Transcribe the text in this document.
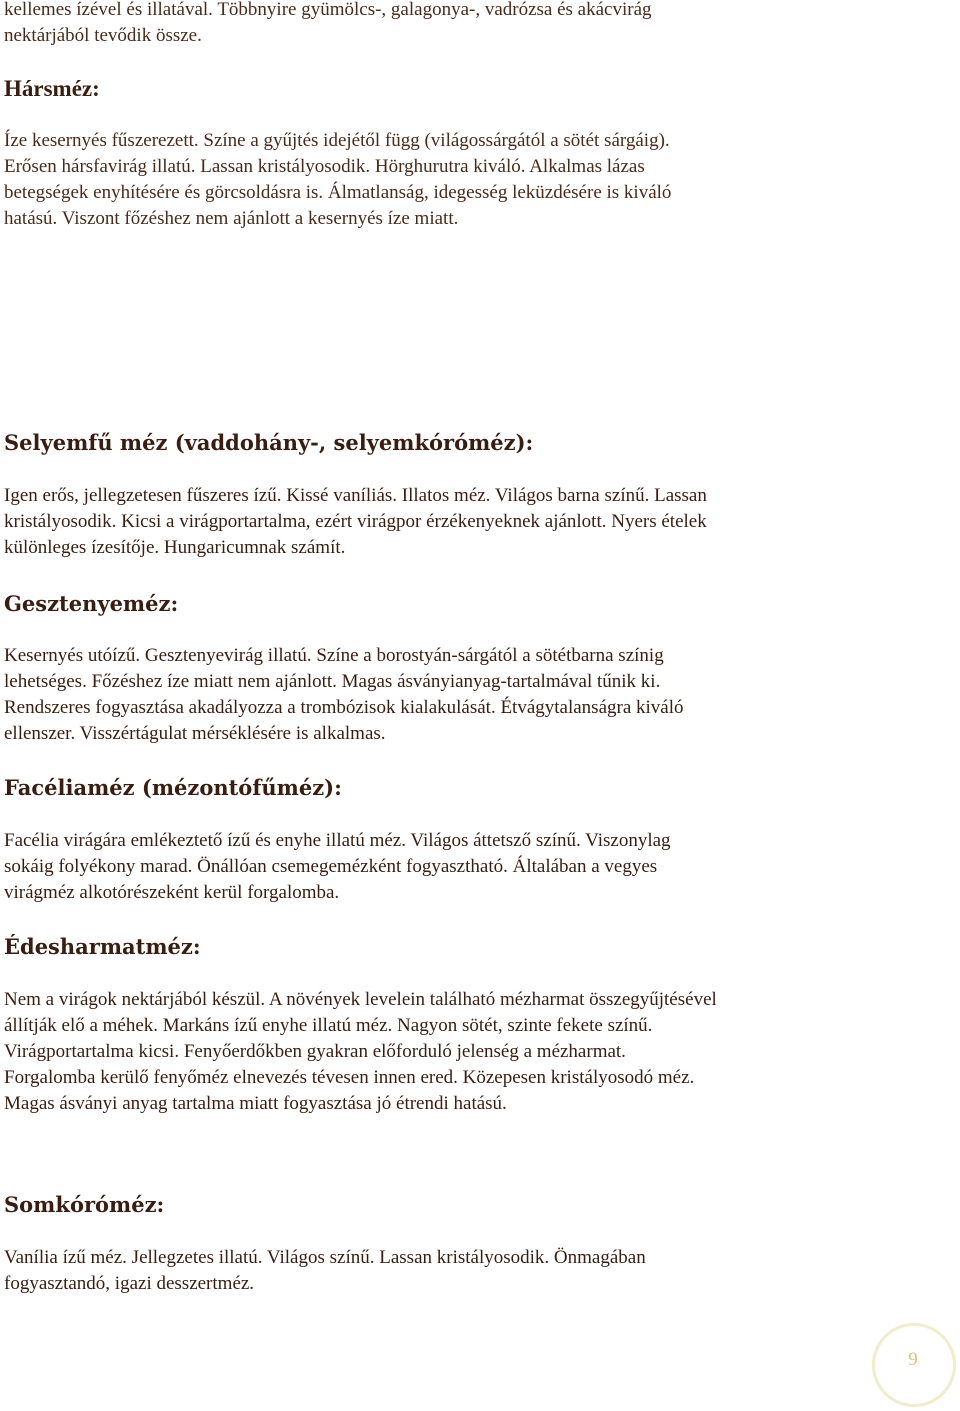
kellemes ízével és illatával. Többnyire gyümölcs-, galagonya-, vadrózsa és akácvirág

nektárjából tevődik össze.

Hársméz:

Íze kesernyés fűszerezett. Színe a gyűjtés idejétől függ (világossárgától a sötét sárgáig).

Erősen hársfavirág illatú. Lassan kristályosodik. Hörghurutra kiváló. Alkalmas lázas

betegségek enyhítésére és görcsoldásra is. Álmatlanság, idegesség leküzdésére is kiváló

hatású. Viszont főzéshez nem ajánlott a kesernyés íze miatt.

Selyemfű méz (vaddohány-, selyemkóróméz):

Igen erős, jellegzetesen fűszeres ízű. Kissé vaníliás. Illatos méz. Világos barna színű. Lassan

kristályosodik. Kicsi a virágportartalma, ezért virágpor érzékenyeknek ajánlott. Nyers ételek

különleges ízesítője. Hungaricumnak számít.

Gesztenyeméz:

Kesernyés utóízű. Gesztenyevirág illatú. Színe a borostyán-sárgától a sötétbarna színig

lehetséges. Főzéshez íze miatt nem ajánlott. Magas ásványianyag-tartalmával tűnik ki.

Rendszeres fogyasztása akadályozza a trombózisok kialakulását. Étvágytalanságra kiváló

ellenszer. Visszértágulat mérséklésére is alkalmas.

Facéliaméz (mézontófűméz):

Facélia virágára emlékeztető ízű és enyhe illatú méz. Világos áttetsző színű. Viszonylag

sokáig folyékony marad. Önállóan csemegemézként fogyasztható. Általában a vegyes

virágméz alkotórészeként kerül forgalomba.

Édesharmatméz:

Nem a virágok nektárjából készül. A növények levelein található mézharmat összegyűjtésével

állítják elő a méhek. Markáns ízű enyhe illatú méz. Nagyon sötét, szinte fekete színű.

Virágportartalma kicsi. Fenyőerdőkben gyakran előforduló jelenség a mézharmat.

Forgalomba kerülő fenyőméz elnevezés tévesen innen ered. Közepesen kristályosodó méz.

Magas ásványi anyag tartalma miatt fogyasztása jó étrendi hatású.

Somkóróméz:

Vanília ízű méz. Jellegzetes illatú. Világos színű. Lassan kristályosodik. Önmagában

fogyasztandó, igazi desszertméz.

9
